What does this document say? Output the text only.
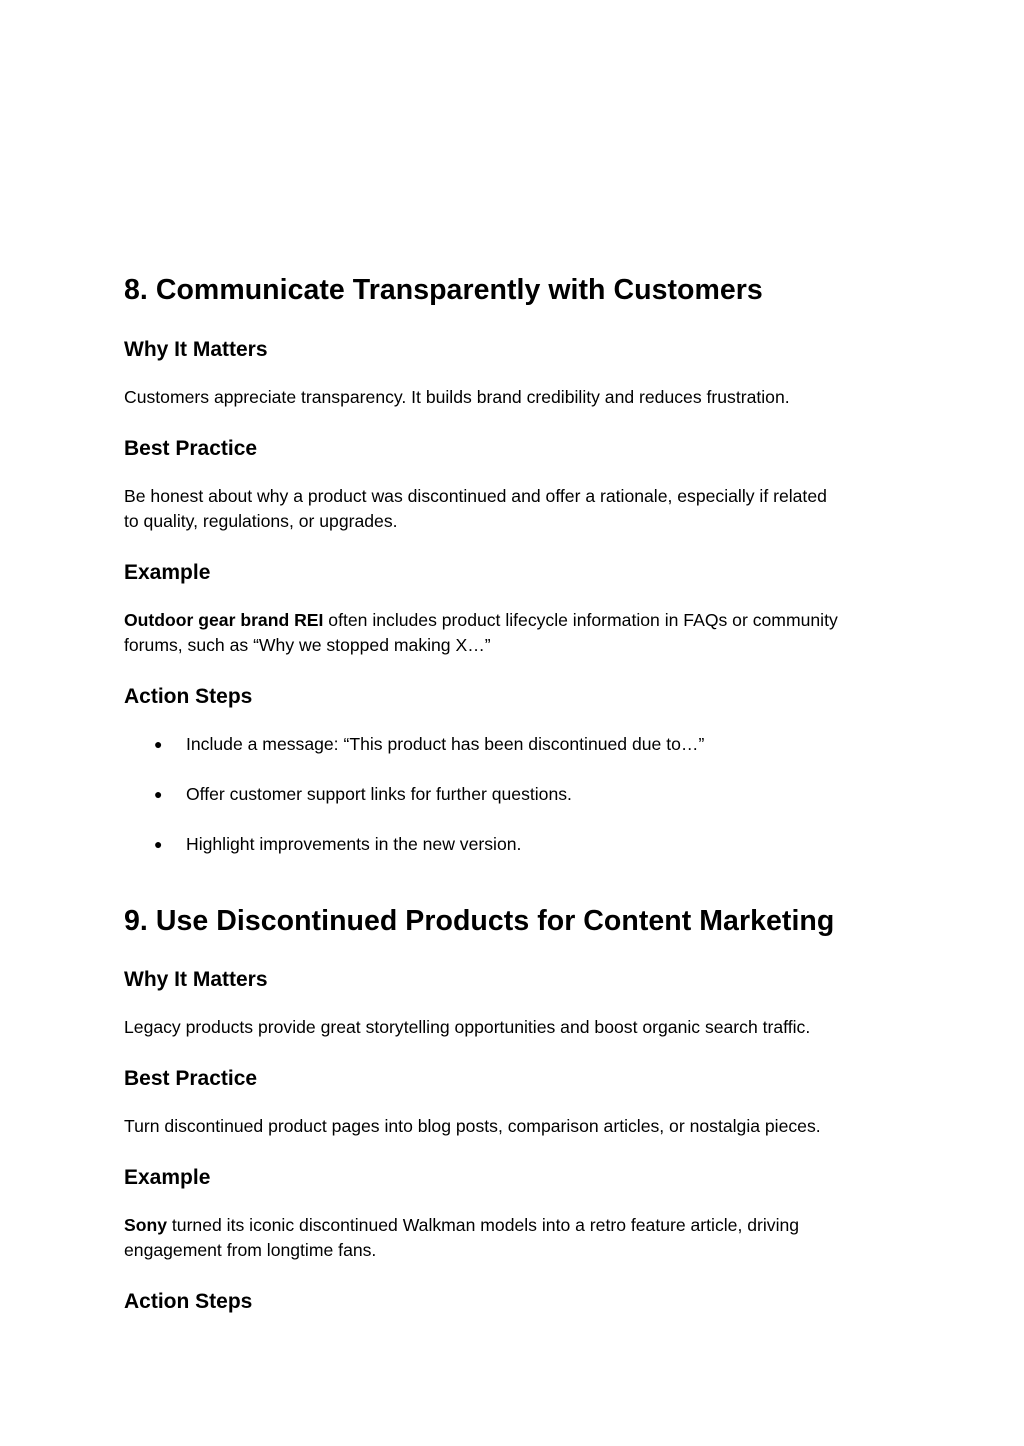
8. Communicate Transparently with Customers
Why It Matters

Customers appreciate transparency. It builds brand credibility and reduces frustration.

Best Practice

Be honest about why a product was discontinued and offer a rationale, especially if related
to quality, regulations, or upgrades.

Example

Outdoor gear brand REI often includes product lifecycle information in FAQs or community
forums, such as “Why we stopped making X…”

Action Steps
● Include a message: “This product has been discontinued due to…”
● Offer customer support links for further questions.
● Highlight improvements in the new version.
9. Use Discontinued Products for Content Marketing
Why It Matters

Legacy products provide great storytelling opportunities and boost organic search traffic.

Best Practice

Turn discontinued product pages into blog posts, comparison articles, or nostalgia pieces.

Example

Sony turned its iconic discontinued Walkman models into a retro feature article, driving
engagement from longtime fans.

Action Steps
